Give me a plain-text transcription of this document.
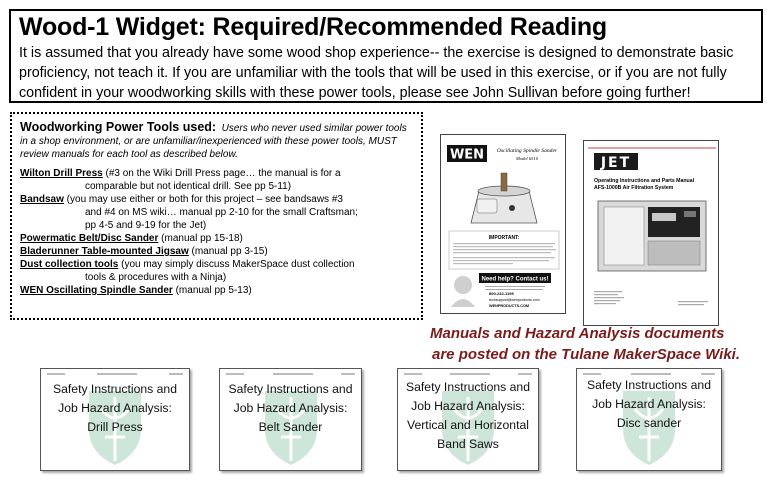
Wood-1 Widget: Required/Recommended Reading

It is assumed that you already have some wood shop experience-- the exercise is designed to demonstrate basic proficiency, not teach it. If you are unfamiliar with the tools that will be used in this exercise, or if you are not fully confident in your woodworking skills with these power tools, please see John Sullivan before going further!

Woodworking Power Tools used: Users who never used similar power tools in a shop environment, or are unfamiliar/inexperienced with these power tools, MUST review manuals for each tool as described below.
Wilton Drill Press (#3 on the Wiki Drill Press page… the manual is for a
comparable but not identical drill. See pp 5-11)
Bandsaw (you may use either or both for this project – see bandsaws #3
and #4 on MS wiki… manual pp 2-10 for the small Craftsman;
pp 4-5 and 9-19 for the Jet)
Powermatic Belt/Disc Sander (manual pp 15-18)
Bladerunner Table-mounted Jigsaw (manual pp 3-15)
Dust collection tools (you may simply discuss MakerSpace dust collection
tools & procedures with a Ninja)
WEN Oscillating Spindle Sander (manual pp 5-13)
WEN Oscillating Spindle Sander
Model 6510
IMPORTANT:
Need help? Contact us!
800-232-1195
techsupport@wenproducts.com
WENPRODUCTS.COM
JET
Operating Instructions and Parts Manual
AFS-1000B Air Filtration System
Manuals and Hazard Analysis documents
are posted on the Tulane MakerSpace Wiki.
Safety Instructions and
Job Hazard Analysis:
Drill Press
Safety Instructions and
Job Hazard Analysis:
Belt Sander
Safety Instructions and
Job Hazard Analysis:
Vertical and Horizontal
Band Saws
Safety Instructions and
Job Hazard Analysis:
Disc sander
